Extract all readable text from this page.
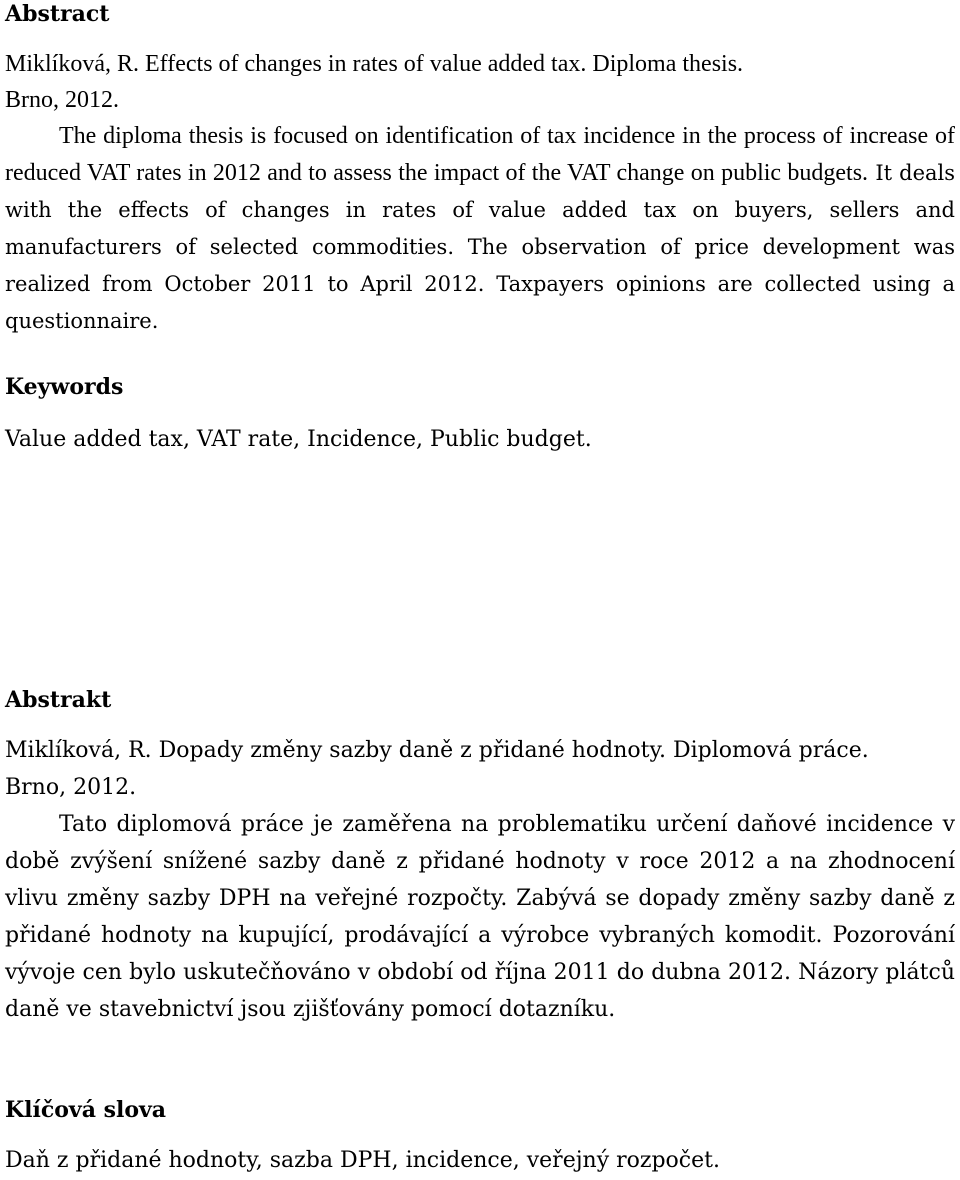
Abstract

Miklíková, R. Effects of changes in rates of value added tax. Diploma thesis.
Brno, 2012.

The diploma thesis is focused on identification of tax incidence in the process of increase of reduced VAT rates in 2012 and to assess the impact of the VAT change on public budgets. It deals with the effects of changes in rates of value added tax on buyers, sellers and manufacturers of selected commodities. The observation of price development was realized from October 2011 to April 2012. Taxpayers opinions are collected using a questionnaire.

Keywords

Value added tax, VAT rate, Incidence, Public budget.

Abstrakt

Miklíková, R. Dopady změny sazby daně z přidané hodnoty. Diplomová práce.
Brno, 2012.

Tato diplomová práce je zaměřena na problematiku určení daňové incidence v době zvýšení snížené sazby daně z přidané hodnoty v roce 2012 a na zhodnocení vlivu změny sazby DPH na veřejné rozpočty. Zabývá se dopady změny sazby daně z přidané hodnoty na kupující, prodávající a výrobce vybraných komodit. Pozorování vývoje cen bylo uskutečňováno v období od října 2011 do dubna 2012. Názory plátců daně ve stavebnictví jsou zjišťovány pomocí dotazníku.

Klíčová slova

Daň z přidané hodnoty, sazba DPH, incidence, veřejný rozpočet.
